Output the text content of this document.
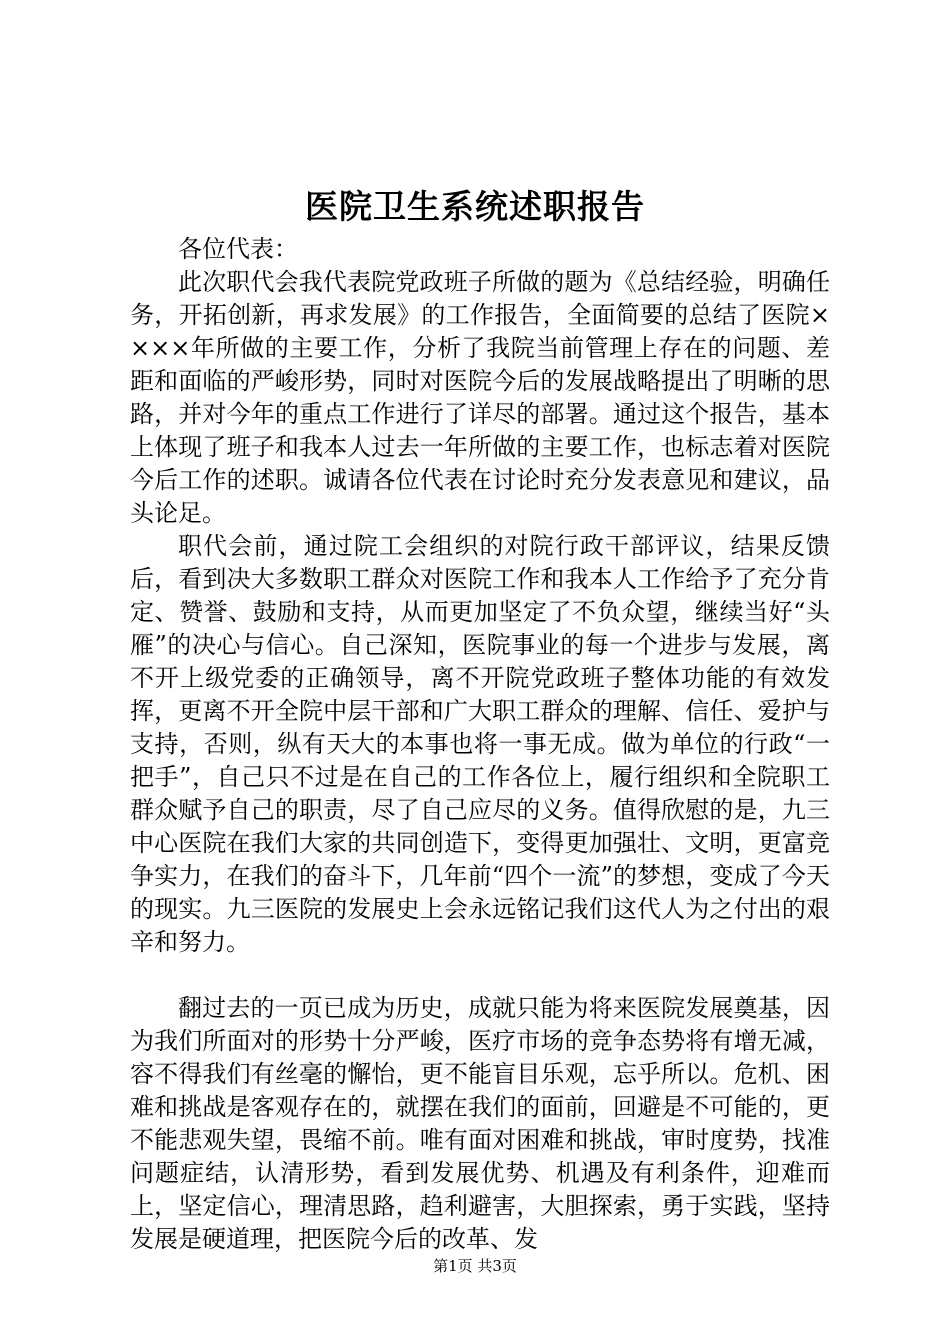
医院卫生系统述职报告

各位代表：

此次职代会我代表院党政班子所做的题为《总结经验，明确任务，开拓创新，再求发展》的工作报告，全面简要的总结了医院××××年所做的主要工作，分析了我院当前管理上存在的问题、差距和面临的严峻形势，同时对医院今后的发展战略提出了明晰的思路，并对今年的重点工作进行了详尽的部署。通过这个报告，基本上体现了班子和我本人过去一年所做的主要工作，也标志着对医院今后工作的述职。诚请各位代表在讨论时充分发表意见和建议，品头论足。

职代会前，通过院工会组织的对院行政干部评议，结果反馈后，看到决大多数职工群众对医院工作和我本人工作给予了充分肯定、赞誉、鼓励和支持，从而更加坚定了不负众望，继续当好“头雁”的决心与信心。自己深知，医院事业的每一个进步与发展，离不开上级党委的正确领导，离不开院党政班子整体功能的有效发挥，更离不开全院中层干部和广大职工群众的理解、信任、爱护与支持，否则，纵有天大的本事也将一事无成。做为单位的行政“一把手”，自己只不过是在自己的工作各位上，履行组织和全院职工群众赋予自己的职责，尽了自己应尽的义务。值得欣慰的是，九三中心医院在我们大家的共同创造下，变得更加强壮、文明，更富竞争实力，在我们的奋斗下，几年前“四个一流”的梦想，变成了今天的现实。九三医院的发展史上会永远铭记我们这代人为之付出的艰辛和努力。

翻过去的一页已成为历史，成就只能为将来医院发展奠基，因为我们所面对的形势十分严峻，医疗市场的竞争态势将有增无减，容不得我们有丝毫的懈怡，更不能盲目乐观，忘乎所以。危机、困难和挑战是客观存在的，就摆在我们的面前，回避是不可能的，更不能悲观失望，畏缩不前。唯有面对困难和挑战，审时度势，找准问题症结，认清形势，看到发展优势、机遇及有利条件，迎难而上，坚定信心，理清思路，趋利避害，大胆探索，勇于实践，坚持发展是硬道理，把医院今后的改革、发

第1页 共3页
